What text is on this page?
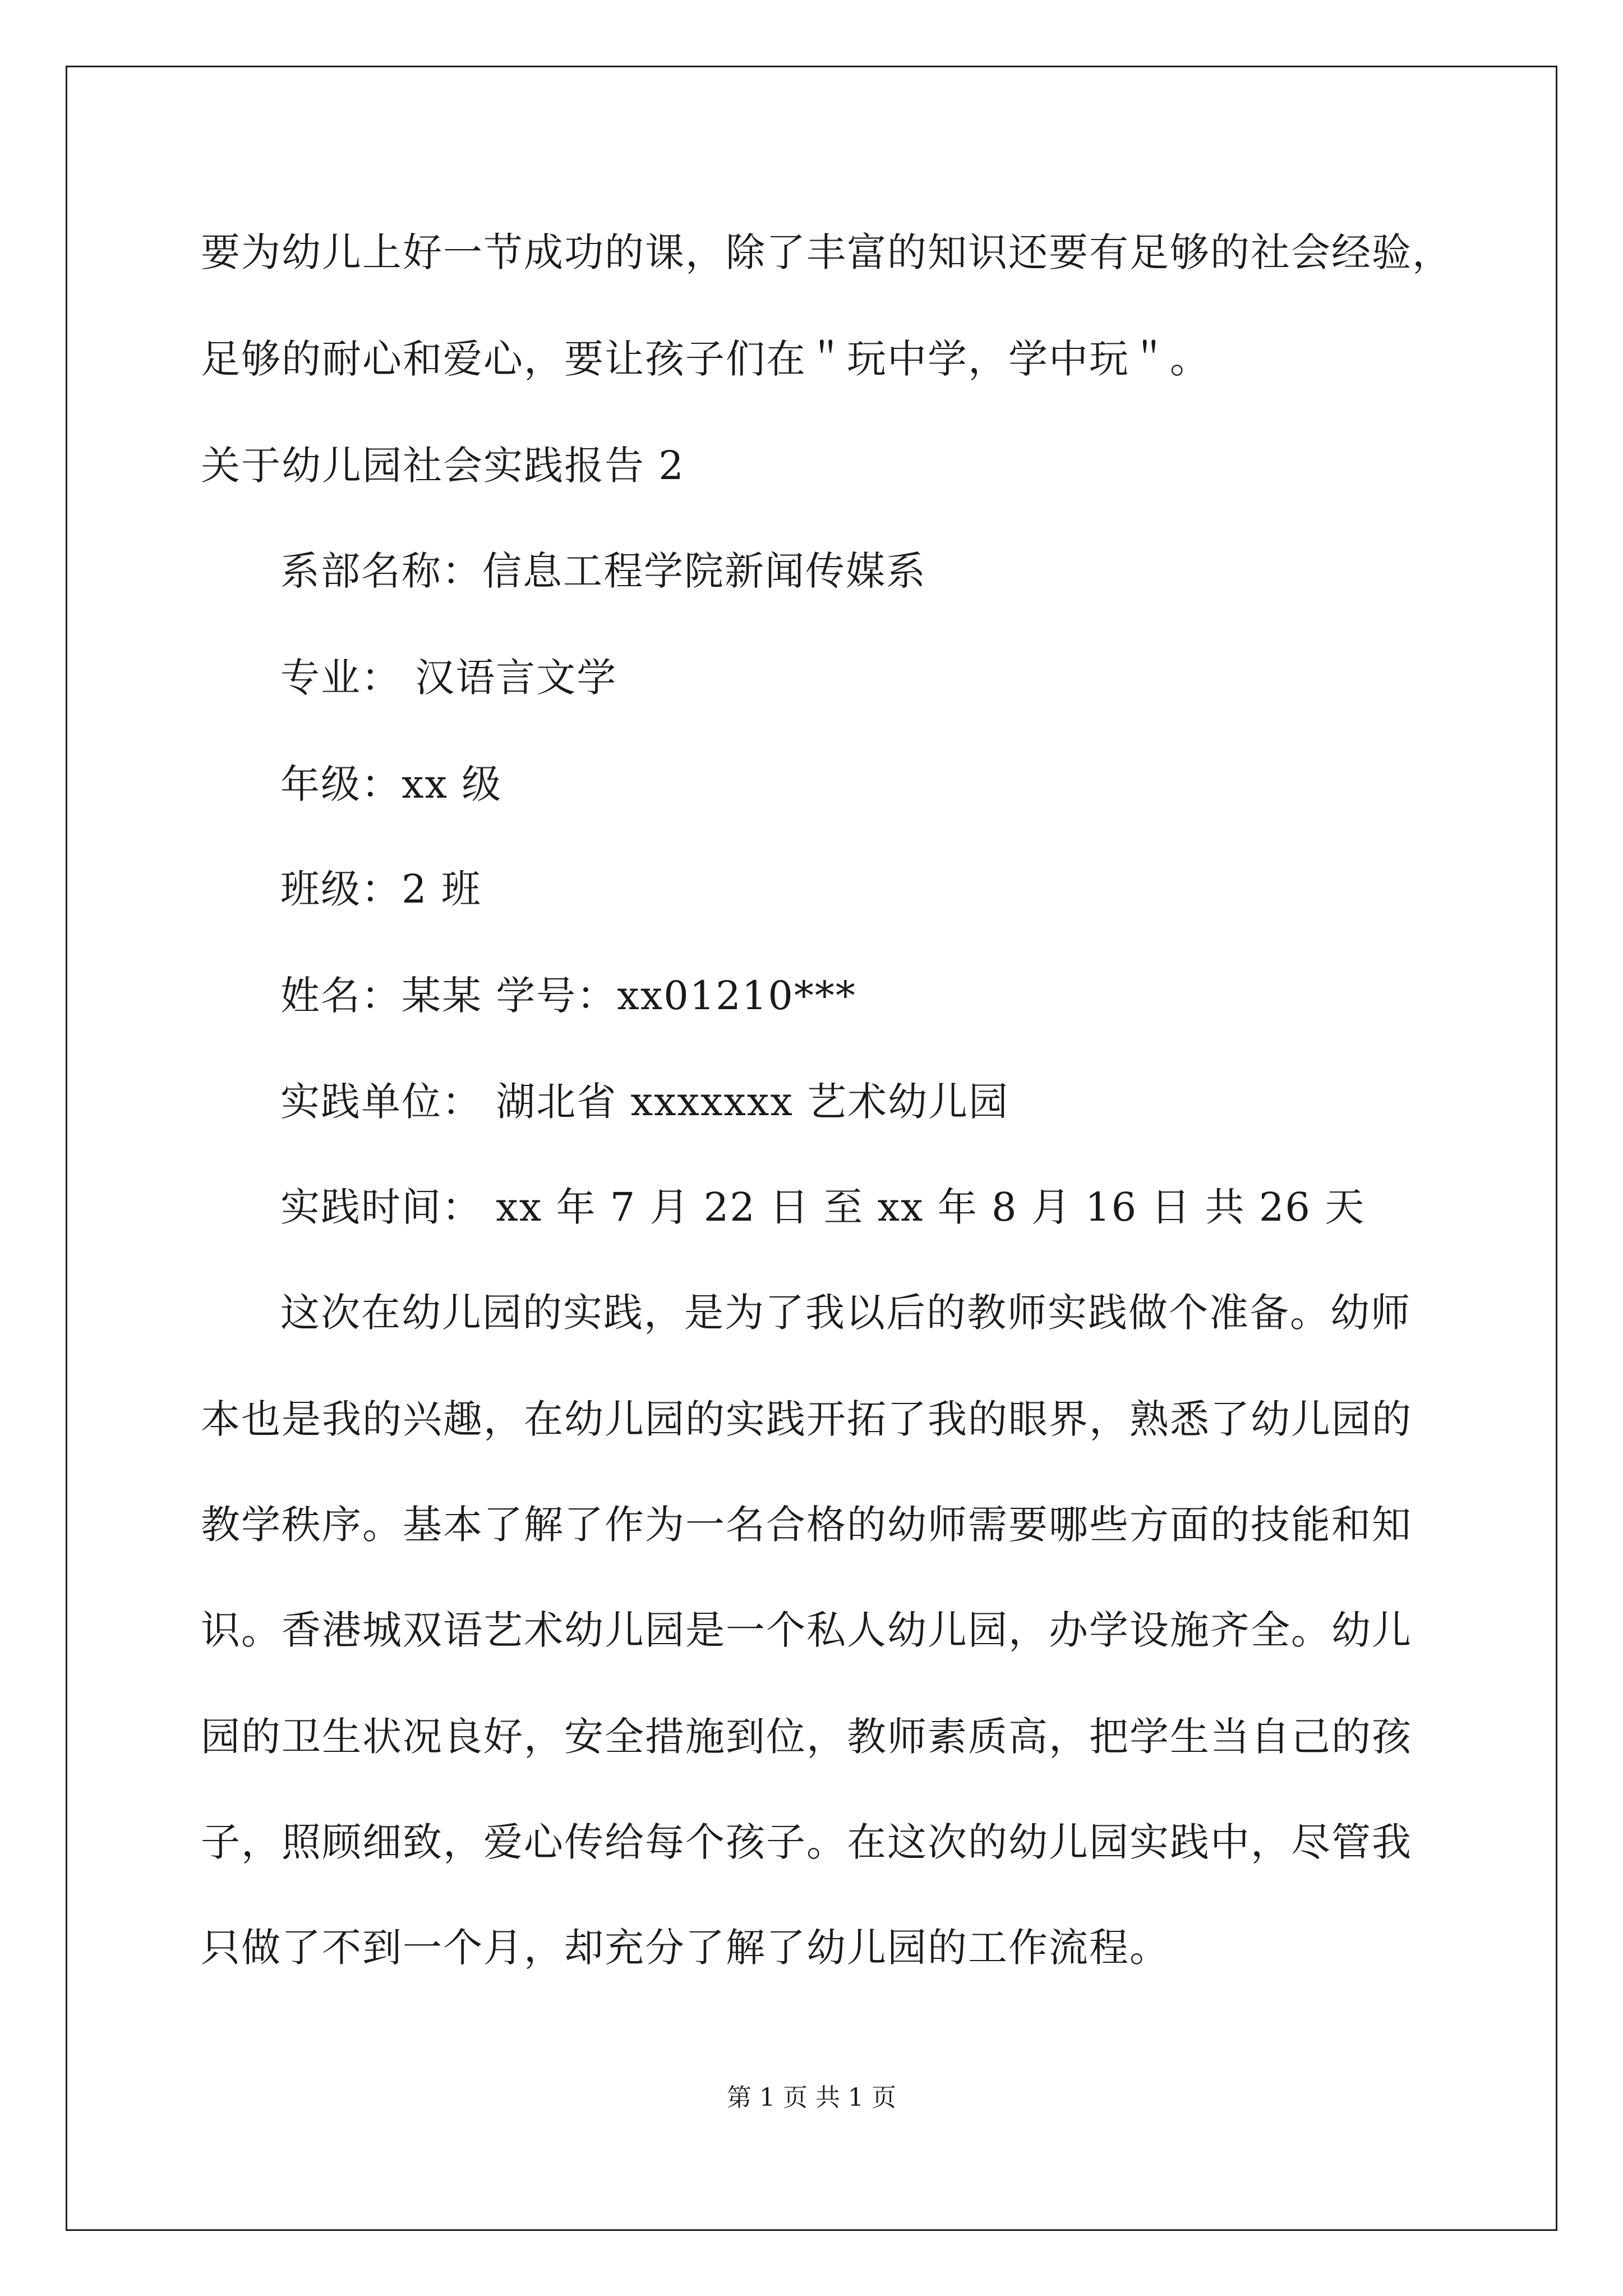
要为幼儿上好一节成功的课，除了丰富的知识还要有足够的社会经验，
足够的耐心和爱心，要让孩子们在＂玩中学，学中玩＂。
关于幼儿园社会实践报告 2
系部名称：信息工程学院新闻传媒系
专业： 汉语言文学
年级：xx 级
班级：2 班
姓名：某某 学号：xx01210***
实践单位： 湖北省 xxxxxxx 艺术幼儿园
实践时间： xx 年 7 月 22 日 至 xx 年 8 月 16 日 共 26 天
这次在幼儿园的实践，是为了我以后的教师实践做个准备。幼师
本也是我的兴趣，在幼儿园的实践开拓了我的眼界，熟悉了幼儿园的
教学秩序。基本了解了作为一名合格的幼师需要哪些方面的技能和知
识。香港城双语艺术幼儿园是一个私人幼儿园，办学设施齐全。幼儿
园的卫生状况良好，安全措施到位，教师素质高，把学生当自己的孩
子，照顾细致，爱心传给每个孩子。在这次的幼儿园实践中，尽管我
只做了不到一个月，却充分了解了幼儿园的工作流程。
第 1 页 共 1 页
